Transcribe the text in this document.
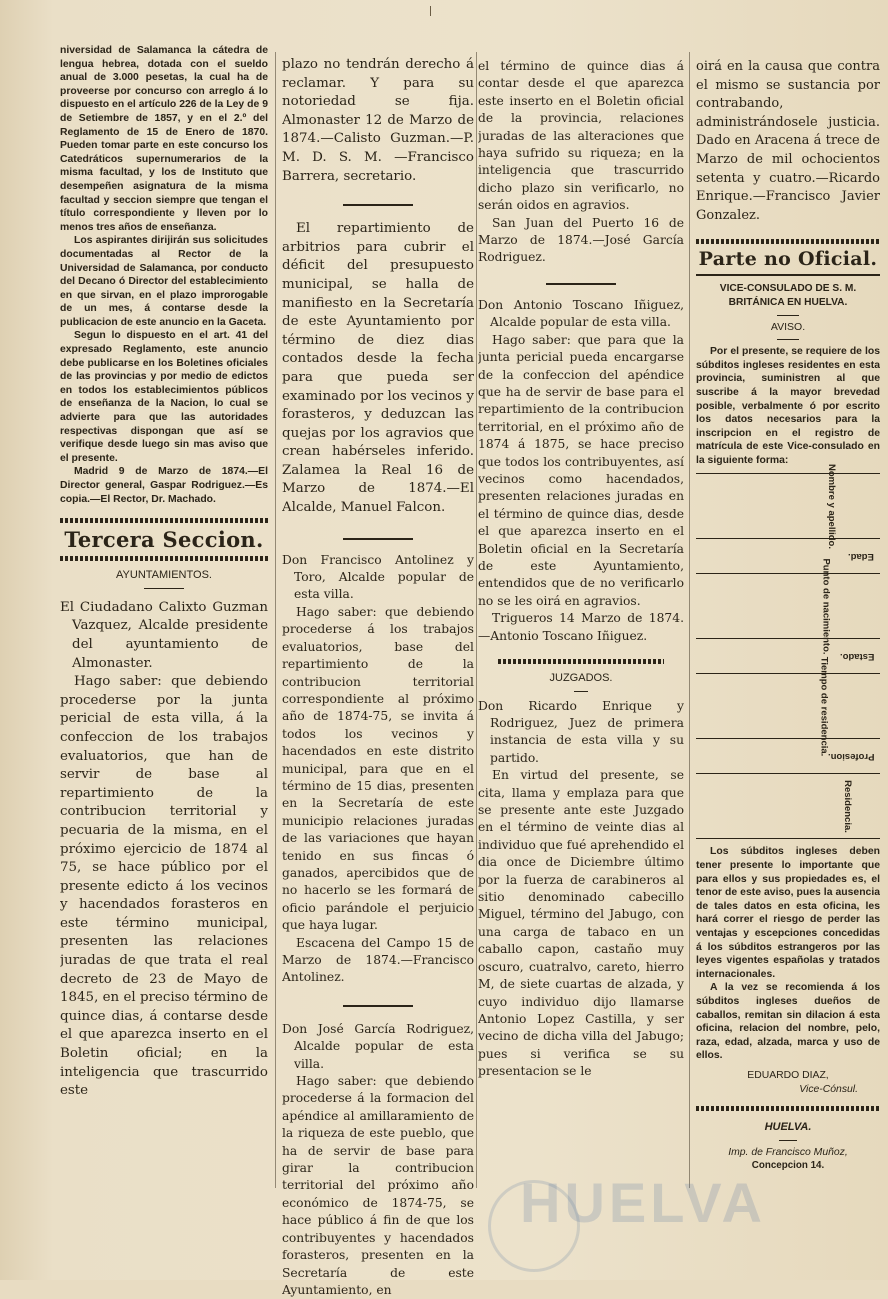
niversidad de Salamanca la cátedra de lengua hebrea, dotada con el sueldo anual de 3.000 pesetas, la cual ha de proveerse por concurso con arreglo á lo dispuesto en el artículo 226 de la Ley de 9 de Setiembre de 1857, y en el 2.º del Reglamento de 15 de Enero de 1870. Pueden tomar parte en este concurso los Catedráticos supernumerarios de la misma facultad, y los de Instituto que desempeñen asignatura de la misma facultad y seccion siempre que tengan el título correspondiente y lleven por lo menos tres años de enseñanza.

Los aspirantes dirijirán sus solicitudes documentadas al Rector de la Universidad de Salamanca, por conducto del Decano ó Director del establecimiento en que sirvan, en el plazo improrogable de un mes, á contarse desde la publicacion de este anuncio en la Gaceta.

Segun lo dispuesto en el art. 41 del expresado Reglamento, este anuncio debe publicarse en los Boletines oficiales de las provincias y por medio de edictos en todos los establecimientos públicos de enseñanza de la Nacion, lo cual se advierte para que las autoridades respectivas dispongan que así se verifique desde luego sin mas aviso que el presente.

Madrid 9 de Marzo de 1874.—El Director general, Gaspar Rodriguez.—Es copia.—El Rector, Dr. Machado.

Tercera Seccion.

AYUNTAMIENTOS.

El Ciudadano Calixto Guzman Vazquez, Alcalde presidente del ayuntamiento de Almonaster.

Hago saber: que debiendo procederse por la junta pericial de esta villa, á la confeccion de los trabajos evaluatorios, que han de servir de base al repartimiento de la contribucion territorial y pecuaria de la misma, en el próximo ejercicio de 1874 al 75, se hace público por el presente edicto á los vecinos y hacendados forasteros en este término municipal, presenten las relaciones juradas de que trata el real decreto de 23 de Mayo de 1845, en el preciso término de quince dias, á contarse desde el que aparezca inserto en el Boletin oficial; en la inteligencia que trascurrido este

plazo no tendrán derecho á reclamar. Y para su notoriedad se fija. Almonaster 12 de Marzo de 1874.—Calisto Guzman.—P. M. D. S. M. —Francisco Barrera, secretario.

El repartimiento de arbitrios para cubrir el déficit del presupuesto municipal, se halla de manifiesto en la Secretaría de este Ayuntamiento por término de diez dias contados desde la fecha para que pueda ser examinado por los vecinos y forasteros, y deduzcan las quejas por los agravios que crean habérseles inferido. Zalamea la Real 16 de Marzo de 1874.—El Alcalde, Manuel Falcon.

Don Francisco Antolinez y Toro, Alcalde popular de esta villa.

Hago saber: que debiendo procederse á los trabajos evaluatorios, base del repartimiento de la contribucion territorial correspondiente al próximo año de 1874-75, se invita á todos los vecinos y hacendados en este distrito municipal, para que en el término de 15 dias, presenten en la Secretaría de este municipio relaciones juradas de las variaciones que hayan tenido en sus fincas ó ganados, apercibidos que de no hacerlo se les formará de oficio parándole el perjuicio que haya lugar.

Escacena del Campo 15 de Marzo de 1874.—Francisco Antolinez.

Don José García Rodriguez, Alcalde popular de esta villa.

Hago saber: que debiendo procederse á la formacion del apéndice al amillaramiento de la riqueza de este pueblo, que ha de servir de base para girar la contribucion territorial del próximo año económico de 1874-75, se hace público á fin de que los contribuyentes y hacendados forasteros, presenten en la Secretaría de este Ayuntamiento, en

el término de quince dias á contar desde el que aparezca este inserto en el Boletin oficial de la provincia, relaciones juradas de las alteraciones que haya sufrido su riqueza; en la inteligencia que trascurrido dicho plazo sin verificarlo, no serán oidos en agravios.

San Juan del Puerto 16 de Marzo de 1874.—José García Rodriguez.

Don Antonio Toscano Iñiguez, Alcalde popular de esta villa.

Hago saber: que para que la junta pericial pueda encargarse de la confeccion del apéndice que ha de servir de base para el repartimiento de la contribucion territorial, en el próximo año de 1874 á 1875, se hace preciso que todos los contribuyentes, así vecinos como hacendados, presenten relaciones juradas en el término de quince dias, desde el que aparezca inserto en el Boletin oficial en la Secretaría de este Ayuntamiento, entendidos que de no verificarlo no se les oirá en agravios.

Trigueros 14 Marzo de 1874.—Antonio Toscano Iñiguez.

JUZGADOS.

Don Ricardo Enrique y Rodriguez, Juez de primera instancia de esta villa y su partido.

En virtud del presente, se cita, llama y emplaza para que se presente ante este Juzgado en el término de veinte dias al individuo que fué aprehendido el dia once de Diciembre último por la fuerza de carabineros al sitio denominado cabecillo Miguel, término del Jabugo, con una carga de tabaco en un caballo capon, castaño muy oscuro, cuatralvo, careto, hierro M, de siete cuartas de alzada, y cuyo individuo dijo llamarse Antonio Lopez Castilla, y ser vecino de dicha villa del Jabugo; pues si verifica se su presentacion se le

oirá en la causa que contra el mismo se sustancia por contrabando, administrándosele justicia. Dado en Aracena á trece de Marzo de mil ochocientos setenta y cuatro.—Ricardo Enrique.—Francisco Javier Gonzalez.

Parte no Oficial.

VICE-CONSULADO DE S. M. BRITÁNICA EN HUELVA.

AVISO.

Por el presente, se requiere de los súbditos ingleses residentes en esta provincia, suministren al que suscribe á la mayor brevedad posible, verbalmente ó por escrito los datos necesarios para la inscripcion en el registro de matrícula de este Vice-consulado en la siguiente forma:

Nombre y apellido.
Edad.
Punto de nacimiento.
Estado.
Tiempo de residencia.
Profesion.
Residencia.

Los súbditos ingleses deben tener presente lo importante que para ellos y sus propiedades es, el tenor de este aviso, pues la ausencia de tales datos en esta oficina, les hará correr el riesgo de perder las ventajas y escepciones concedidas á los súbditos estrangeros por las leyes vigentes españolas y tratados internacionales.

A la vez se recomienda á los súbditos ingleses dueños de caballos, remitan sin dilacion á esta oficina, relacion del nombre, pelo, raza, edad, alzada, marca y uso de ellos.

EDUARDO DIAZ,

Vice-Cónsul.

HUELVA.

Imp. de Francisco Muñoz,

Concepcion 14.

HUELVA
